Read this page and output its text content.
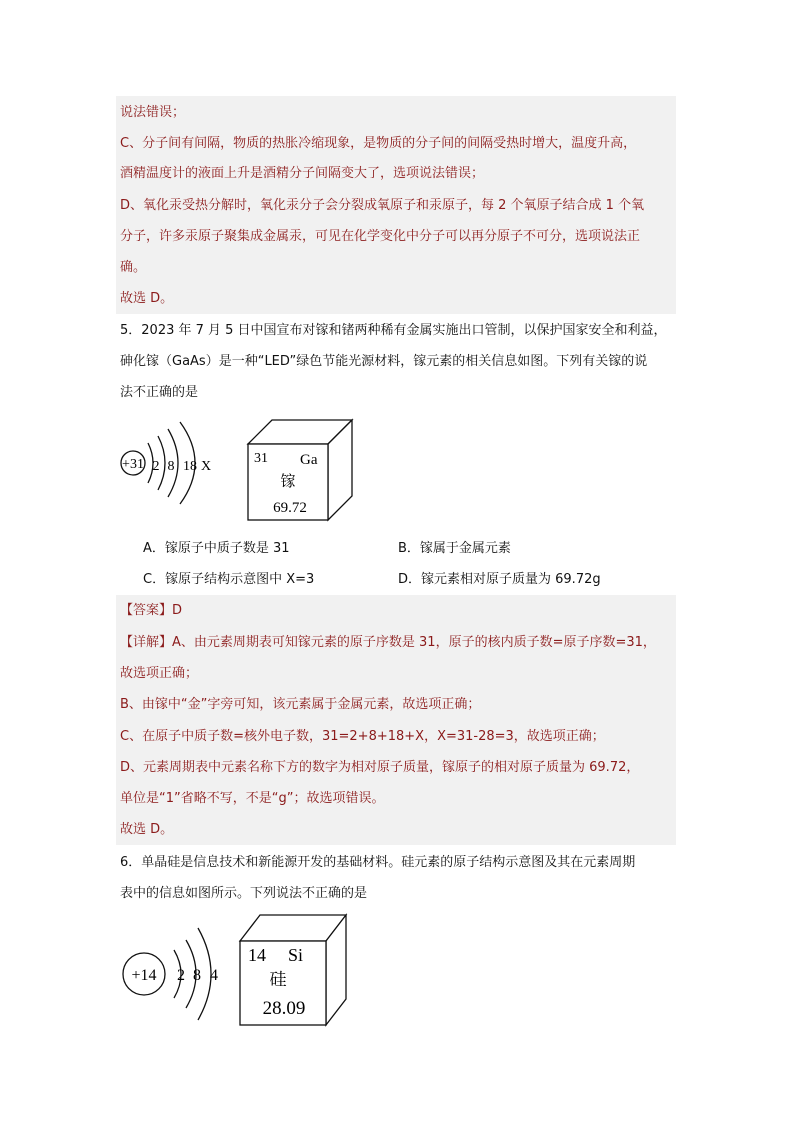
说法错误；
C、分子间有间隔，物质的热胀冷缩现象，是物质的分子间的间隔受热时增大，温度升高，
酒精温度计的液面上升是酒精分子间隔变大了，选项说法错误；
D、氧化汞受热分解时，氧化汞分子会分裂成氧原子和汞原子，每 2 个氧原子结合成 1 个氧
分子，许多汞原子聚集成金属汞，可见在化学变化中分子可以再分原子不可分，选项说法正
确。
故选 D。
5．2023 年 7 月 5 日中国宣布对镓和锗两种稀有金属实施出口管制，以保护国家安全和利益，
砷化镓（GaAs）是一种“LED”绿色节能光源材料，镓元素的相关信息如图。下列有关镓的说
法不正确的是
+31 2 8 18 X
31 Ga
镓
69.72
A．镓原子中质子数是 31	B．镓属于金属元素
C．镓原子结构示意图中 X=3	D．镓元素相对原子质量为 69.72g
【答案】D
【详解】A、由元素周期表可知镓元素的原子序数是 31，原子的核内质子数=原子序数=31，
故选项正确；
B、由镓中“金”字旁可知，该元素属于金属元素，故选项正确；
C、在原子中质子数=核外电子数，31=2+8+18+X，X=31-28=3，故选项正确；
D、元素周期表中元素名称下方的数字为相对原子质量，镓原子的相对原子质量为 69.72，
单位是“1”省略不写，不是“g”；故选项错误。
故选 D。
6．单晶硅是信息技术和新能源开发的基础材料。硅元素的原子结构示意图及其在元素周期
表中的信息如图所示。下列说法不正确的是
+14 2 8 4
14 Si
硅
28.09
